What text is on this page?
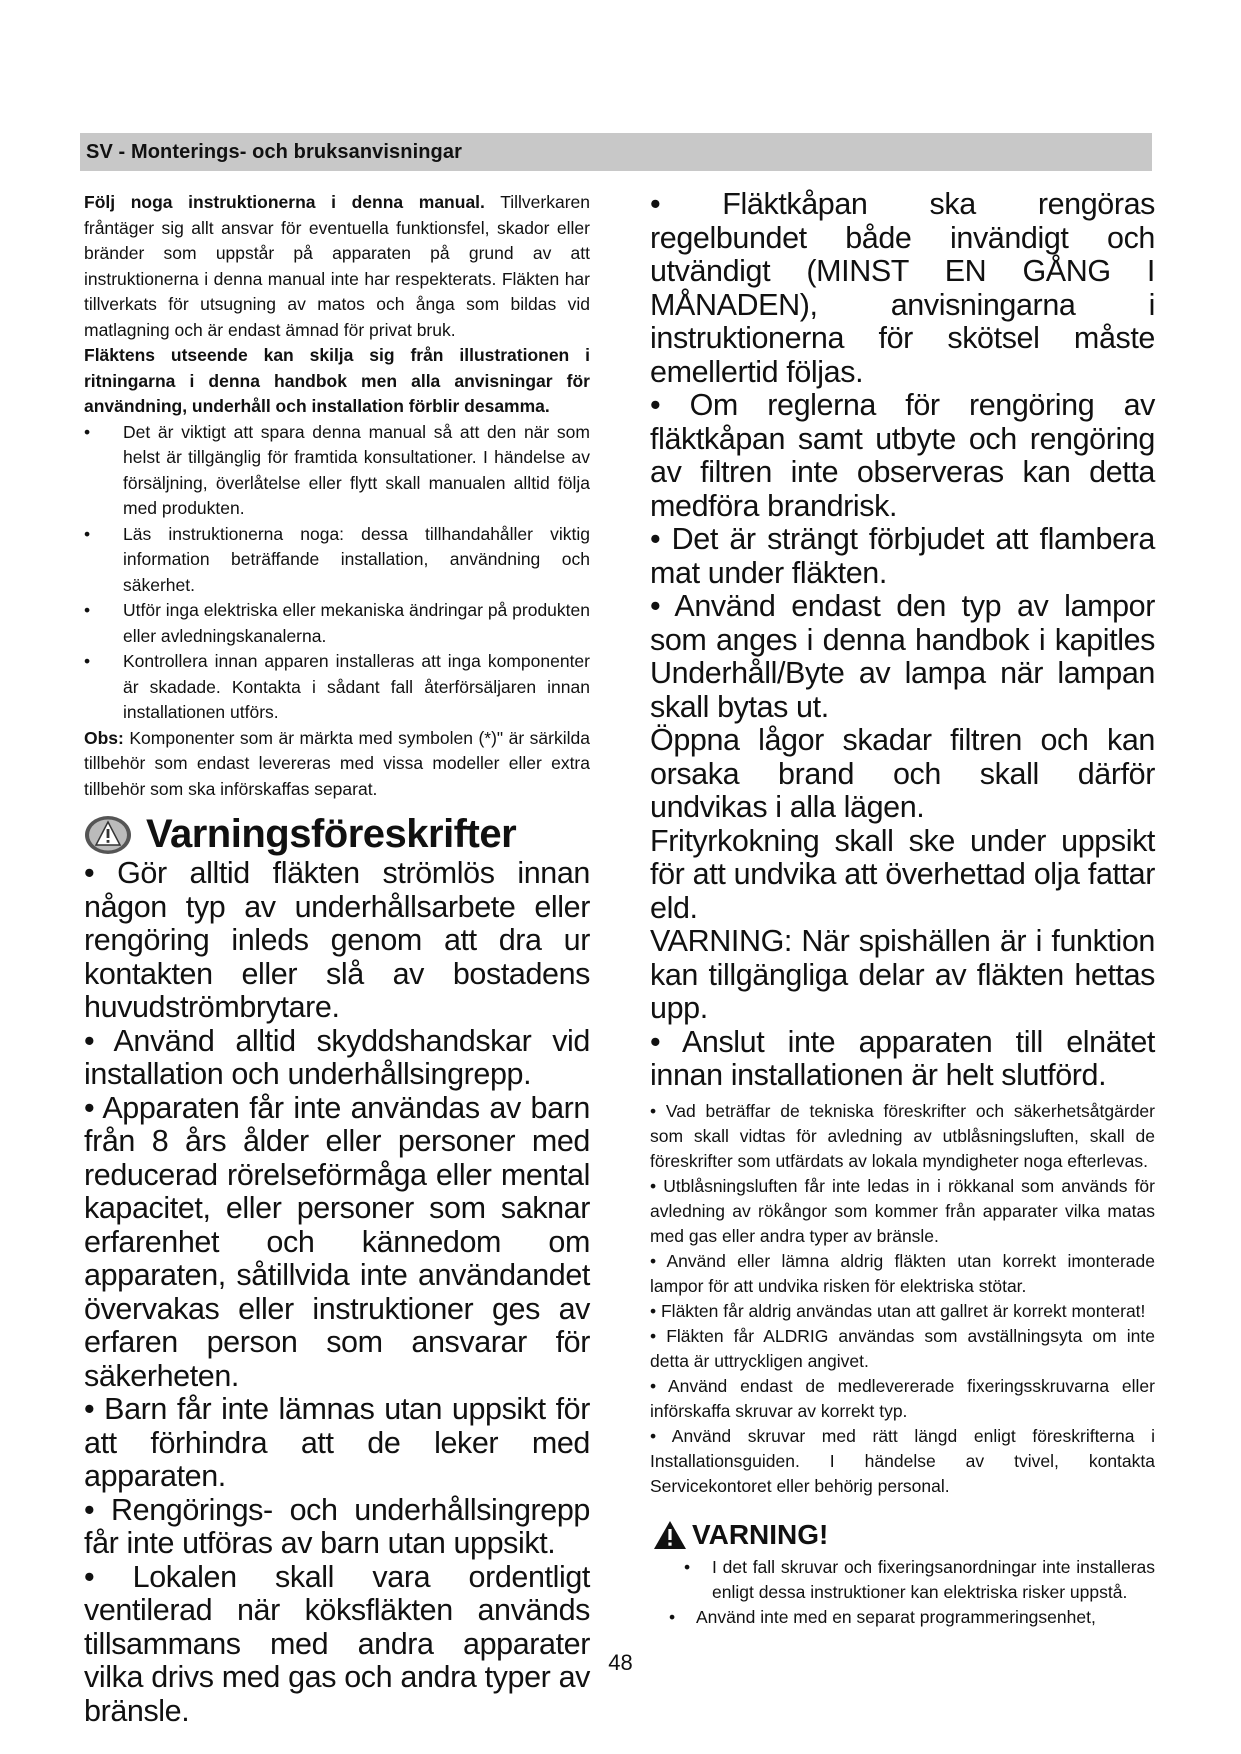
SV - Monterings- och bruksanvisningar

Följ noga instruktionerna i denna manual. Tillverkaren fråntäger sig allt ansvar för eventuella funktionsfel, skador eller bränder som uppstår på apparaten på grund av att instruktionerna i denna manual inte har respekterats. Fläkten har tillverkats för utsugning av matos och ånga som bildas vid matlagning och är endast ämnad för privat bruk.

Fläktens utseende kan skilja sig från illustrationen i ritningarna i denna handbok men alla anvisningar för användning, underhåll och installation förblir desamma.

• Det är viktigt att spara denna manual så att den när som helst är tillgänglig för framtida konsultationer. I händelse av försäljning, överlåtelse eller flytt skall manualen alltid följa med produkten.
• Läs instruktionerna noga: dessa tillhandahåller viktig information beträffande installation, användning och säkerhet.
• Utför inga elektriska eller mekaniska ändringar på produkten eller avledningskanalerna.
• Kontrollera innan apparen installeras att inga komponenter är skadade. Kontakta i sådant fall återförsäljaren innan installationen utförs.

Obs: Komponenter som är märkta med symbolen (*)" är särkilda tillbehör som endast levereras med vissa modeller eller extra tillbehör som ska införskaffas separat.

Varningsföreskrifter

• Gör alltid fläkten strömlös innan någon typ av underhållsarbete eller rengöring inleds genom att dra ur kontakten eller slå av bostadens huvudströmbrytare.

• Använd alltid skyddshandskar vid installation och underhållsingrepp.

• Apparaten får inte användas av barn från 8 års ålder eller personer med reducerad rörelseförmåga eller mental kapacitet, eller personer som saknar erfarenhet och kännedom om apparaten, såtillvida inte användandet övervakas eller instruktioner ges av erfaren person som ansvarar för säkerheten.

• Barn får inte lämnas utan uppsikt för att förhindra att de leker med apparaten.

• Rengörings- och underhållsingrepp får inte utföras av barn utan uppsikt.

• Lokalen skall vara ordentligt ventilerad när köksfläkten används tillsammans med andra apparater vilka drivs med gas och andra typer av bränsle.

• Fläktkåpan ska rengöras regelbundet både invändigt och utvändigt (MINST EN GÅNG I MÅNADEN), anvisningarna i instruktionerna för skötsel måste emellertid följas.

• Om reglerna för rengöring av fläktkåpan samt utbyte och rengöring av filtren inte observeras kan detta medföra brandrisk.

• Det är strängt förbjudet att flambera mat under fläkten.

• Använd endast den typ av lampor som anges i denna handbok i kapitles Underhåll/Byte av lampa när lampan skall bytas ut.

Öppna lågor skadar filtren och kan orsaka brand och skall därför undvikas i alla lägen.

Frityrkokning skall ske under uppsikt för att undvika att överhettad olja fattar eld.

VARNING: När spishällen är i funktion kan tillgängliga delar av fläkten hettas upp.

• Anslut inte apparaten till elnätet innan installationen är helt slutförd.

• Vad beträffar de tekniska föreskrifter och säkerhetsåtgärder som skall vidtas för avledning av utblåsningsluften, skall de föreskrifter som utfärdats av lokala myndigheter noga efterlevas.

• Utblåsningsluften får inte ledas in i rökkanal som används för avledning av rökångor som kommer från apparater vilka matas med gas eller andra typer av bränsle.

• Använd eller lämna aldrig fläkten utan korrekt imonterade lampor för att undvika risken för elektriska stötar.

• Fläkten får aldrig användas utan att gallret är korrekt monterat!

• Fläkten får ALDRIG användas som avställningsyta om inte detta är uttryckligen angivet.

• Använd endast de medlevererade fixeringsskruvarna eller införskaffa skruvar av korrekt typ.

• Använd skruvar med rätt längd enligt föreskrifterna i Installationsguiden. I händelse av tvivel, kontakta Servicekontoret eller behörig personal.

VARNING!
• I det fall skruvar och fixeringsanordningar inte installeras enligt dessa instruktioner kan elektriska risker uppstå.
• Använd inte med en separat programmeringsenhet,
48
